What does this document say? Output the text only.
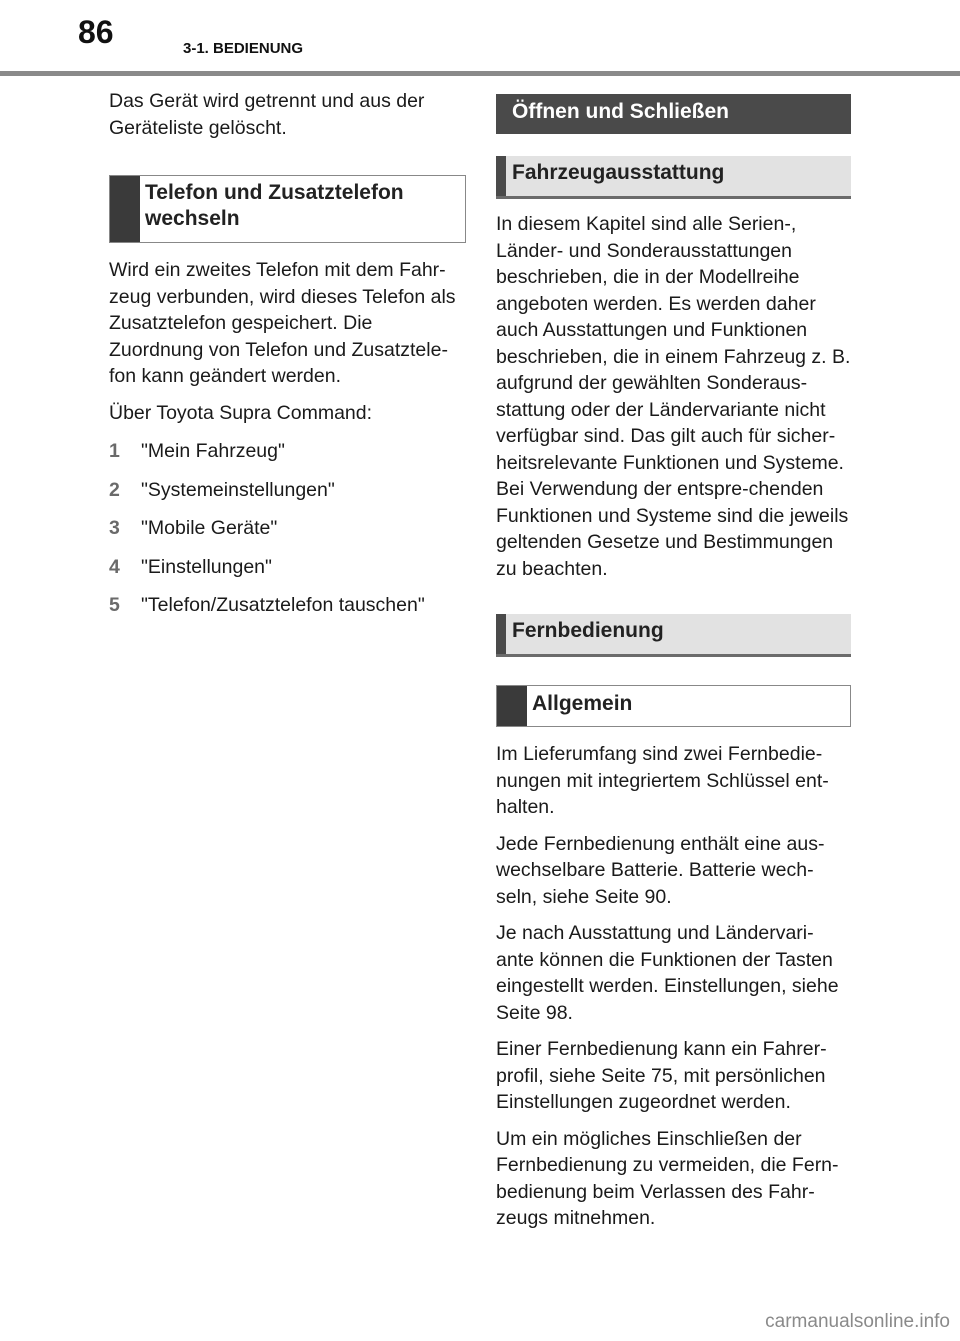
86	3-1. BEDIENUNG

Das Gerät wird getrennt und aus der Geräteliste gelöscht.

Telefon und Zusatztelefon wechseln

Wird ein zweites Telefon mit dem Fahr-zeug verbunden, wird dieses Telefon als Zusatztelefon gespeichert. Die Zuordnung von Telefon und Zusatztele-fon kann geändert werden.

Über Toyota Supra Command:

1	"Mein Fahrzeug"
2	"Systemeinstellungen"
3	"Mobile Geräte"
4	"Einstellungen"
5	"Telefon/Zusatztelefon tauschen"
Öffnen und Schließen
Fahrzeugausstattung

In diesem Kapitel sind alle Serien-, Länder- und Sonderausstattungen beschrieben, die in der Modellreihe angeboten werden. Es werden daher auch Ausstattungen und Funktionen beschrieben, die in einem Fahrzeug z. B. aufgrund der gewählten Sonderaus-stattung oder der Ländervariante nicht verfügbar sind. Das gilt auch für sicher-heitsrelevante Funktionen und Systeme. Bei Verwendung der entspre-chenden Funktionen und Systeme sind die jeweils geltenden Gesetze und Bestimmungen zu beachten.

Fernbedienung
Allgemein

Im Lieferumfang sind zwei Fernbedie-nungen mit integriertem Schlüssel ent-halten.

Jede Fernbedienung enthält eine aus-wechselbare Batterie. Batterie wech-seln, siehe Seite 90.

Je nach Ausstattung und Ländervari-ante können die Funktionen der Tasten eingestellt werden. Einstellungen, siehe Seite 98.

Einer Fernbedienung kann ein Fahrer-profil, siehe Seite 75, mit persönlichen Einstellungen zugeordnet werden.

Um ein mögliches Einschließen der Fernbedienung zu vermeiden, die Fern-bedienung beim Verlassen des Fahr-zeugs mitnehmen.

carmanualsonline.info
